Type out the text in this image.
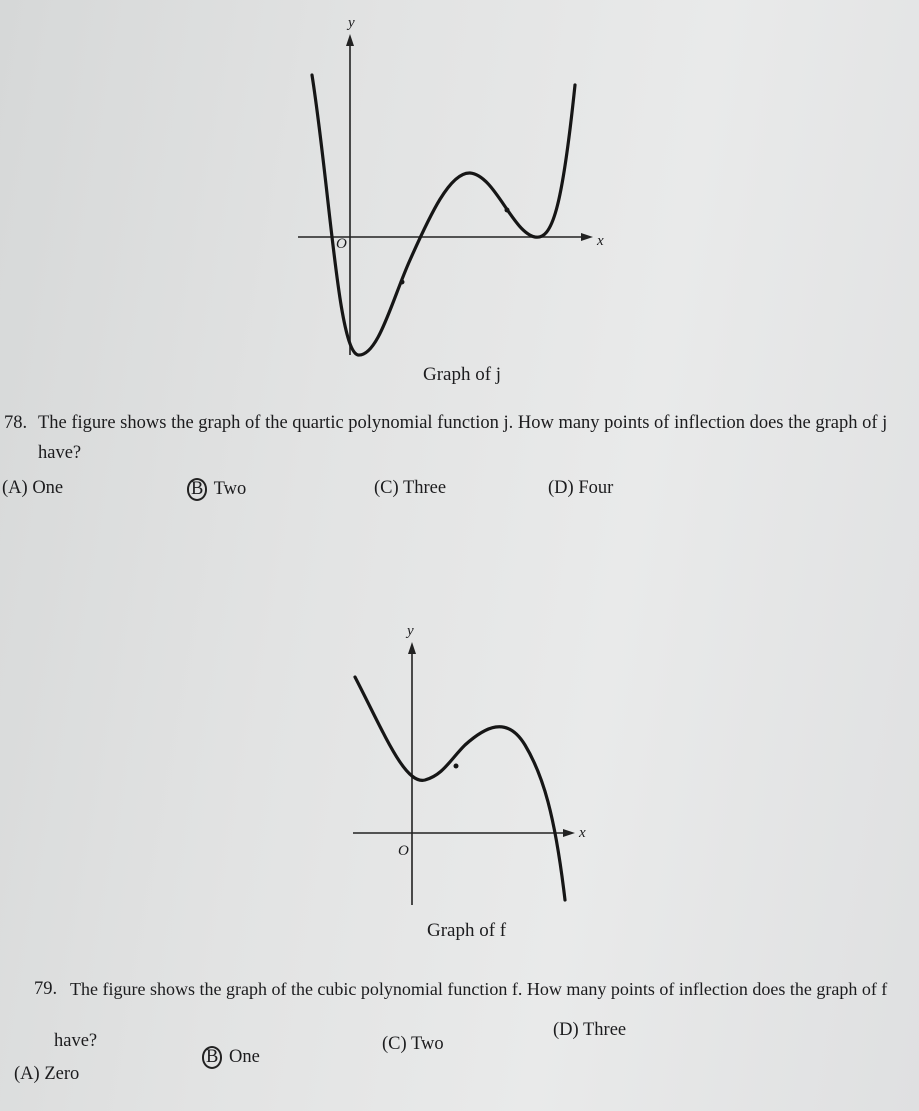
y
x
O
Graph of j
78. The figure shows the graph of the quartic polynomial function j. How many points of inflection does the graph of j
have?
(A) One	B Two	(C) Three	(D) Four
y
x
O
Graph of f
79. The figure shows the graph of the cubic polynomial function f. How many points of inflection does the graph of f
have?
(A) Zero
B One
(C) Two
(D) Three
